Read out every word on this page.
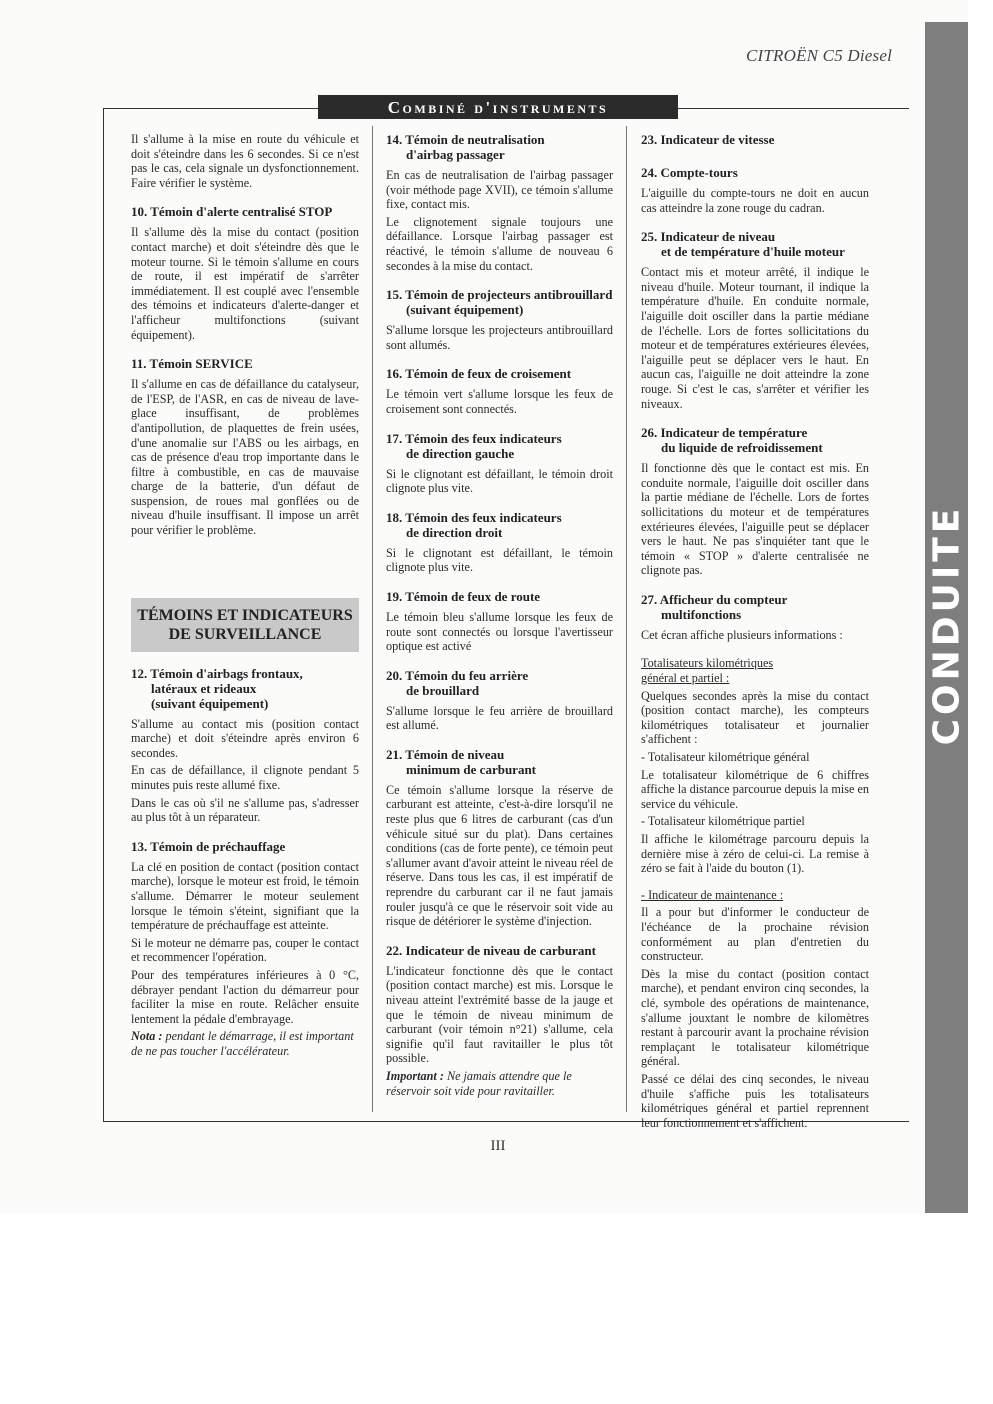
CITROËN C5 Diesel
Combiné d'instruments

Il s'allume à la mise en route du véhicule et doit s'éteindre dans les 6 secondes. Si ce n'est pas le cas, cela signale un dysfonctionnement. Faire vérifier le système.

10. Témoin d'alerte centralisé STOP

Il s'allume dès la mise du contact (position contact marche) et doit s'éteindre dès que le moteur tourne. Si le témoin s'allume en cours de route, il est impératif de s'arrêter immédiatement. Il est couplé avec l'ensemble des témoins et indicateurs d'alerte-danger et l'afficheur multifonctions (suivant équipement).

11. Témoin SERVICE

Il s'allume en cas de défaillance du catalyseur, de l'ESP, de l'ASR, en cas de niveau de lave-glace insuffisant, de problèmes d'antipollution, de plaquettes de frein usées, d'une anomalie sur l'ABS ou les airbags, en cas de présence d'eau trop importante dans le filtre à combustible, en cas de mauvaise charge de la batterie, d'un défaut de suspension, de roues mal gonflées ou de niveau d'huile insuffisant. Il impose un arrêt pour vérifier le problème.

TÉMOINS ET INDICATEURS
DE SURVEILLANCE
12. Témoin d'airbags frontaux,
latéraux et rideaux
(suivant équipement)

S'allume au contact mis (position contact marche) et doit s'éteindre après environ 6 secondes.

En cas de défaillance, il clignote pendant 5 minutes puis reste allumé fixe.

Dans le cas où s'il ne s'allume pas, s'adresser au plus tôt à un réparateur.

13. Témoin de préchauffage

La clé en position de contact (position contact marche), lorsque le moteur est froid, le témoin s'allume. Démarrer le moteur seulement lorsque le témoin s'éteint, signifiant que la température de préchauffage est atteinte.

Si le moteur ne démarre pas, couper le contact et recommencer l'opération.

Pour des températures inférieures à 0 °C, débrayer pendant l'action du démarreur pour faciliter la mise en route. Relâcher ensuite lentement la pédale d'embrayage.

Nota : pendant le démarrage, il est important de ne pas toucher l'accélérateur.

14. Témoin de neutralisation
d'airbag passager

En cas de neutralisation de l'airbag passager (voir méthode page XVII), ce témoin s'allume fixe, contact mis.

Le clignotement signale toujours une défaillance. Lorsque l'airbag passager est réactivé, le témoin s'allume de nouveau 6 secondes à la mise du contact.

15. Témoin de projecteurs antibrouillard
(suivant équipement)

S'allume lorsque les projecteurs antibrouillard sont allumés.

16. Témoin de feux de croisement

Le témoin vert s'allume lorsque les feux de croisement sont connectés.

17. Témoin des feux indicateurs
de direction gauche

Si le clignotant est défaillant, le témoin droit clignote plus vite.

18. Témoin des feux indicateurs
de direction droit

Si le clignotant est défaillant, le témoin clignote plus vite.

19. Témoin de feux de route

Le témoin bleu s'allume lorsque les feux de route sont connectés ou lorsque l'avertisseur optique est activé

20. Témoin du feu arrière
de brouillard

S'allume lorsque le feu arrière de brouillard est allumé.

21. Témoin de niveau
minimum de carburant

Ce témoin s'allume lorsque la réserve de carburant est atteinte, c'est-à-dire lorsqu'il ne reste plus que 6 litres de carburant (cas d'un véhicule situé sur du plat). Dans certaines conditions (cas de forte pente), ce témoin peut s'allumer avant d'avoir atteint le niveau réel de réserve. Dans tous les cas, il est impératif de reprendre du carburant car il ne faut jamais rouler jusqu'à ce que le réservoir soit vide au risque de détériorer le système d'injection.

22. Indicateur de niveau de carburant

L'indicateur fonctionne dès que le contact (position contact marche) est mis. Lorsque le niveau atteint l'extrémité basse de la jauge et que le témoin de niveau minimum de carburant (voir témoin n°21) s'allume, cela signifie qu'il faut ravitailler le plus tôt possible.

Important : Ne jamais attendre que le réservoir soit vide pour ravitailler.

23. Indicateur de vitesse
24. Compte-tours

L'aiguille du compte-tours ne doit en aucun cas atteindre la zone rouge du cadran.

25. Indicateur de niveau
et de température d'huile moteur

Contact mis et moteur arrêté, il indique le niveau d'huile. Moteur tournant, il indique la température d'huile. En conduite normale, l'aiguille doit osciller dans la partie médiane de l'échelle. Lors de fortes sollicitations du moteur et de températures extérieures élevées, l'aiguille peut se déplacer vers le haut. En aucun cas, l'aiguille ne doit atteindre la zone rouge. Si c'est le cas, s'arrêter et vérifier les niveaux.

26. Indicateur de température
du liquide de refroidissement

Il fonctionne dès que le contact est mis. En conduite normale, l'aiguille doit osciller dans la partie médiane de l'échelle. Lors de fortes sollicitations du moteur et de températures extérieures élevées, l'aiguille peut se déplacer vers le haut. Ne pas s'inquiéter tant que le témoin « STOP » d'alerte centralisée ne clignote pas.

27. Afficheur du compteur
multifonctions

Cet écran affiche plusieurs informations :

Totalisateurs kilométriques
général et partiel :

Quelques secondes après la mise du contact (position contact marche), les compteurs kilométriques totalisateur et journalier s'affichent :

- Totalisateur kilométrique général

Le totalisateur kilométrique de 6 chiffres affiche la distance parcourue depuis la mise en service du véhicule.

- Totalisateur kilométrique partiel

Il affiche le kilométrage parcouru depuis la dernière mise à zéro de celui-ci. La remise à zéro se fait à l'aide du bouton (1).

- Indicateur de maintenance :

Il a pour but d'informer le conducteur de l'échéance de la prochaine révision conformément au plan d'entretien du constructeur.

Dès la mise du contact (position contact marche), et pendant environ cinq secondes, la clé, symbole des opérations de maintenance, s'allume jouxtant le nombre de kilomètres restant à parcourir avant la prochaine révision remplaçant le totalisateur kilométrique général.

Passé ce délai des cinq secondes, le niveau d'huile s'affiche puis les totalisateurs kilométriques général et partiel reprennent leur fonctionnement et s'affichent.

CONDUITE
III
